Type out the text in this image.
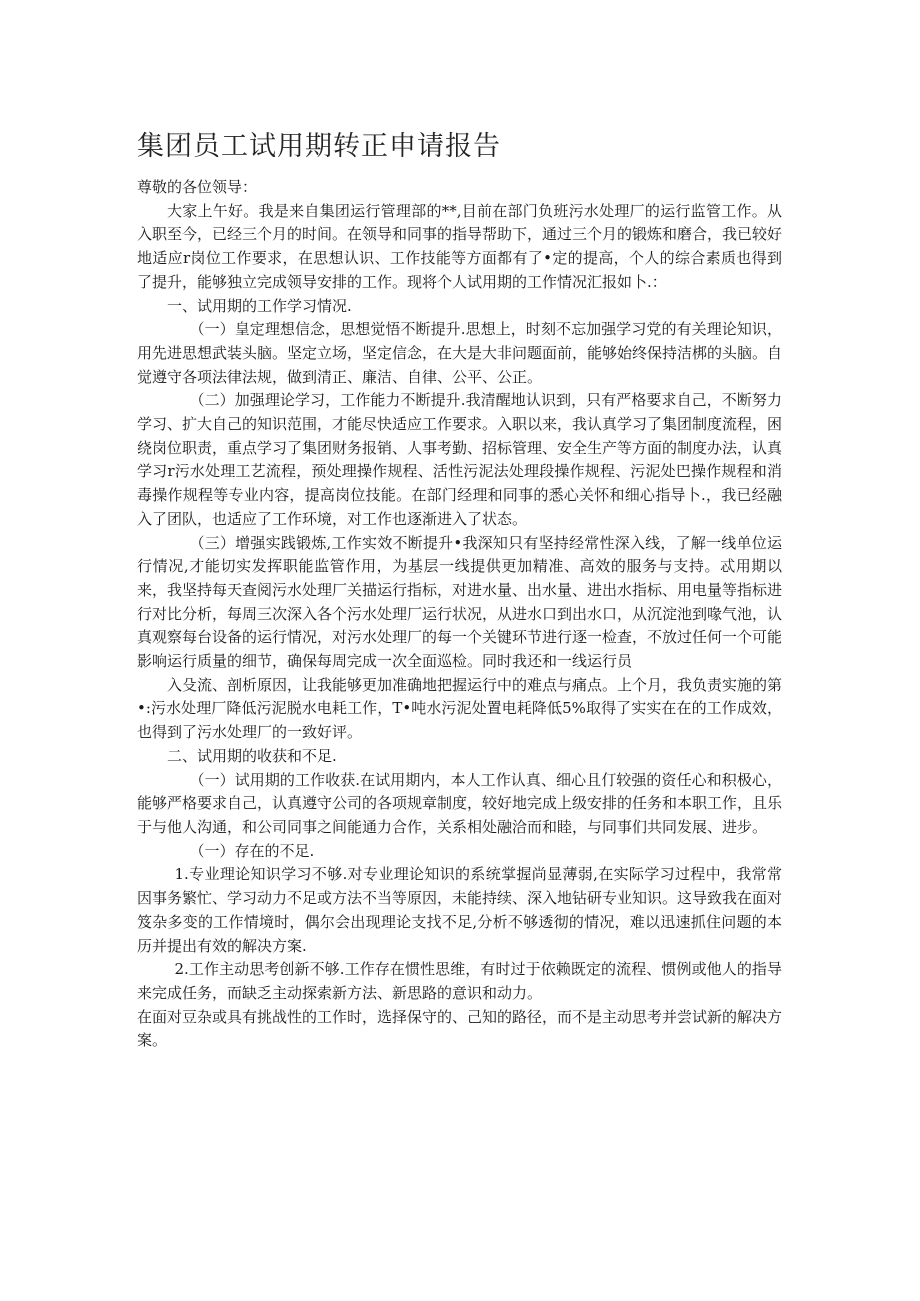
集团员工试用期转正申请报告

尊敬的各位领导：

大家上午好。我是来自集团运行管理部的**,目前在部门负班污水处理厂的运行监管工作。从入职至今，已经三个月的时间。在领导和同事的指导帮助下，通过三个月的锻炼和磨合，我已较好地适应r岗位工作要求，在思想认识、工作技能等方面都有了•定的提高，个人的综合素质也得到了提升，能够独立完成领导安排的工作。现将个人试用期的工作情况汇报如卜.：

一、试用期的工作学习情况.

（一）皇定理想信念，思想觉悟不断提升.思想上，时刻不忘加强学习党的有关理论知识，用先进思想武装头脑。坚定立场，坚定信念，在大是大非问题面前，能够始终保持洁梆的头脑。自觉遵守各项法律法规，做到清正、廉洁、自律、公平、公正。

（二）加强理论学习，工作能力不断提升.我清醒地认识到，只有严格要求自己，不断努力学习、扩大自己的知识范围，才能尽快适应工作要求。入职以来，我认真学习了集团制度流程，困绕岗位职责，重点学习了集团财务报销、人事考勤、招标管理、安全生产等方面的制度办法，认真学习r污水处理工艺流程，预处理操作规程、活性污泥法处理段操作规程、污泥处巴操作规程和消毒操作规程等专业内容，提高岗位技能。在部门经理和同事的悉心关怀和细心指导卜.，我已经融入了团队，也适应了工作环境，对工作也逐渐进入了状态。

（三）增强实践锻炼,工作实效不断提升•我深知只有坚持经常性深入线，了解一线单位运行情况,才能切实发挥职能监管作用，为基层一线提供更加精准、高效的服务与支持。忒用期以来，我坚持每天查阅污水处理厂关描运行指标，对进水量、出水量、进出水指标、用电量等指标进行对比分析，每周三次深入各个污水处理厂运行状况，从进水口到出水口，从沉淀池到喙气池，认真观察每台设备的运行情况，对污水处理厂的每一个关键环节进行逐一检查，不放过任何一个可能影响运行质量的细节，确保每周完成一次全面巡检。同时我还和一线运行员

入殳流、剖析原因，让我能够更加准确地把握运行中的难点与痛点。上个月，我负责实施的第•:污水处理厂降低污泥脱水电耗工作，T•吨水污泥处置电耗降低5%取得了实实在在的工作成效，也得到了污水处理厂的一致好评。

二、试用期的收获和不足.

（一）试用期的工作收获.在试用期内，本人工作认真、细心且仃较强的资任心和积极心，能够严格要求自己，认真遵守公司的各项规章制度，较好地完成上级安排的任务和本职工作，且乐于与他人沟通，和公司同事之间能通力合作，关系相处融洽而和睦，与同事们共同发展、进步。

（一）存在的不足.

1.专业理论知识学习不够.对专业理论知识的系统掌握尚显薄弱,在实际学习过程中，我常常因事务繁忙、学习动力不足或方法不当等原因，未能持续、深入地钻研专业知识。这导致我在面对笈杂多变的工作情境时，偶尔会出现理论支找不足,分析不够透彻的情况，难以迅速抓住问题的本历并提出有效的解决方案.

2.工作主动思考创新不够.工作存在惯性思维，有时过于依赖既定的流程、惯例或他人的指导来完成任务，而缺乏主动探索新方法、新思路的意识和动力。

在面对豆杂或具有挑战性的工作时，选择保守的、己知的路径，而不是主动思考并尝试新的解决方案。
